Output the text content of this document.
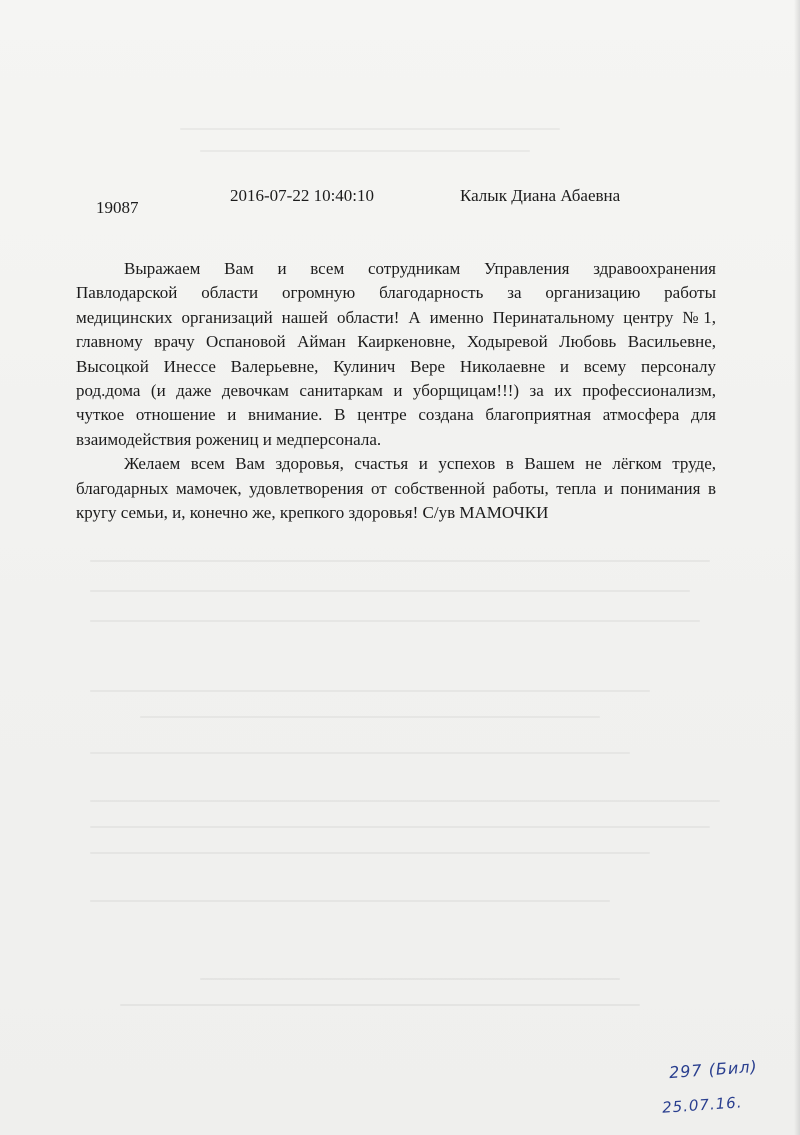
19087
2016-07-22 10:40:10	Калык Диана Абаевна

Выражаем Вам и всем сотрудникам Управления здравоохранения
Павлодарской области огромную благодарность за организацию работы
медицинских организаций нашей области! А именно Перинатальному центру №1,
главному врачу Оспановой Айман Каиркеновне, Ходыревой Любовь Васильевне,
Высоцкой Инессе Валерьевне, Кулинич Вере Николаевне и всему персоналу
род.дома (и даже девочкам санитаркам и уборщицам!!!) за их профессионализм,
чуткое отношение и внимание. В центре создана благоприятная атмосфера для
взаимодействия рожениц и медперсонала.

Желаем всем Вам здоровья, счастья и успехов в Вашем не лёгком труде,
благодарных мамочек, удовлетворения от собственной работы, тепла и понимания в
кругу семьи, и, конечно же, крепкого здоровья! С/ув МАМОЧКИ

297 (Бил)
25.07.16.
